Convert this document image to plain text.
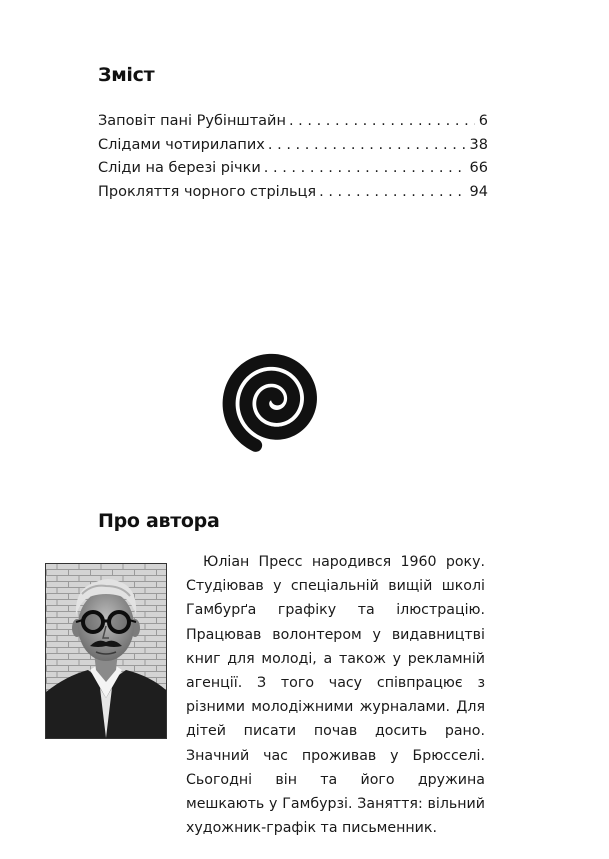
Зміст
Заповіт пані Рубінштайн . . .	6
Слідами чотирилапих . . .	38
Сліди на березі річки . . .	66
Прокляття чорного стрільця . . .	94
Про автора

Юліан Пресс народився 1960 року. Студіював у спеціальній вищій школі Гамбурґа графіку та ілюстрацію. Працював волонтером у видавництві книг для молоді, а також у рекламній агенції. З того часу співпрацює з різними молодіжними журналами. Для дітей писати почав досить рано. Значний час проживав у Брюсселі. Сьогодні він та його дружина мешкають у Гамбурзі. Заняття: вільний художник-графік та письменник.
